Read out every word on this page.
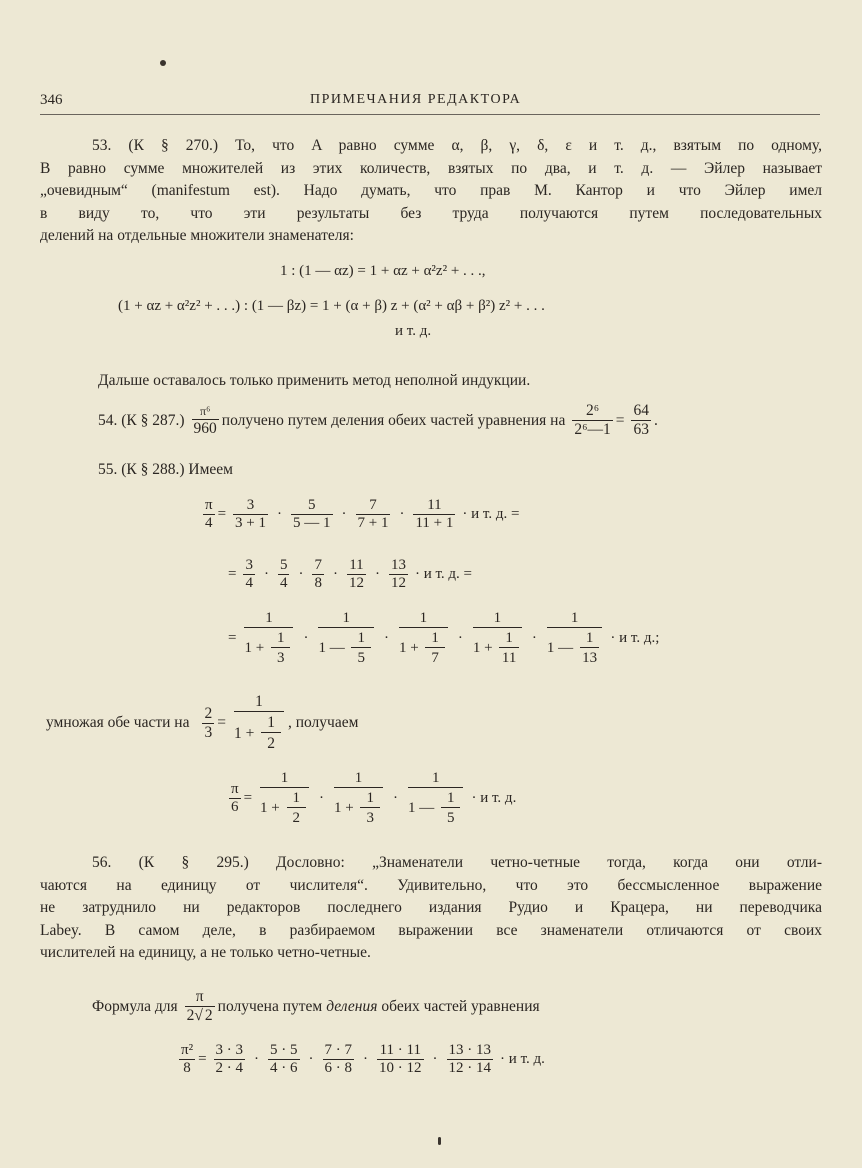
346	ПРИМЕЧАНИЯ РЕДАКТОРА
53. (К § 270.) То, что A равно сумме α, β, γ, δ, ε и т. д., взятым по одному,
B равно сумме множителей из этих количеств, взятых по два, и т. д. — Эйлер называет
„очевидным“ (manifestum est). Надо думать, что прав М. Кантор и что Эйлер имел
в виду то, что эти результаты без труда получаются путем последовательных
делений на отдельные множители знаменателя:
1 : (1 — αz) = 1 + αz + α²z² + . . .,
(1 + αz + α²z² + . . .) : (1 — βz) = 1 + (α + β) z + (α² + αβ + β²) z² + . . .
и т. д.
Дальше оставалось только применить метод неполной индукции.
54. (К § $287.) \frac{\text{π⁶}}{960}$ получено путем деления обеих частей уравнения на $\frac{\text{2⁶}}{\text{2⁶—1}} = \frac{64}{63}$ .
55. (К § 288.) Имеем
$\frac{\pi}{4} = \frac{3}{3 + 1} \cdot \frac{5}{5 — 1} \cdot \frac{7}{7 + 1} \cdot \frac{11}{11 + 1} \cdot и$ т. д. =
= $\frac{3}{4} \cdot \frac{5}{4} \cdot \frac{7}{8} \cdot \frac{11}{12} \cdot \frac{13}{12} \cdot и$ т. д. =
= 1
1
+
$\frac{1}{3}$ ·
1
1
—
$\frac{1}{5}$ ·
1
1
+
$\frac{1}{7}$ ·
1
1
+
$\frac{1}{11}$ ·
1
1
—
$\frac{1}{13} \cdot и$ т. д.;
умножая обе части на $\frac{2}{3} = 1$
1
+
$\frac{1}{2}$ , получаем
$\frac{\pi}{6} = 1$
1
+
$\frac{1}{2}$ ·
1
1
+
$\frac{1}{3}$ ·
1
1
—
$\frac{1}{5} \cdot и$ т. д.
56. (К § 295.) Дословно: „Знаменатели четно-четные тогда, когда они отли-
чаются на единицу от числителя“. Удивительно, что это бессмысленное выражение
не затруднило ни редакторов последнего издания Рудио и Крацера, ни переводчика
Labey. В самом деле, в разбираемом выражении все знаменатели отличаются от своих
числителей на единицу, а не только четно-четные.
Формула для $\frac{\pi}{2√ 2}$ получена путем деления обеих частей уравнения
$\frac{\text{π²}}{8} = \frac{3 \cdot 3}{2 \cdot 4} \cdot \frac{5 \cdot 5}{4 \cdot 6} \cdot \frac{7 \cdot 7}{6 \cdot 8} \cdot \frac{11 \cdot 11}{10 \cdot 12} \cdot \frac{13 \cdot 13}{12 \cdot 14} \cdot и$ т. д.
